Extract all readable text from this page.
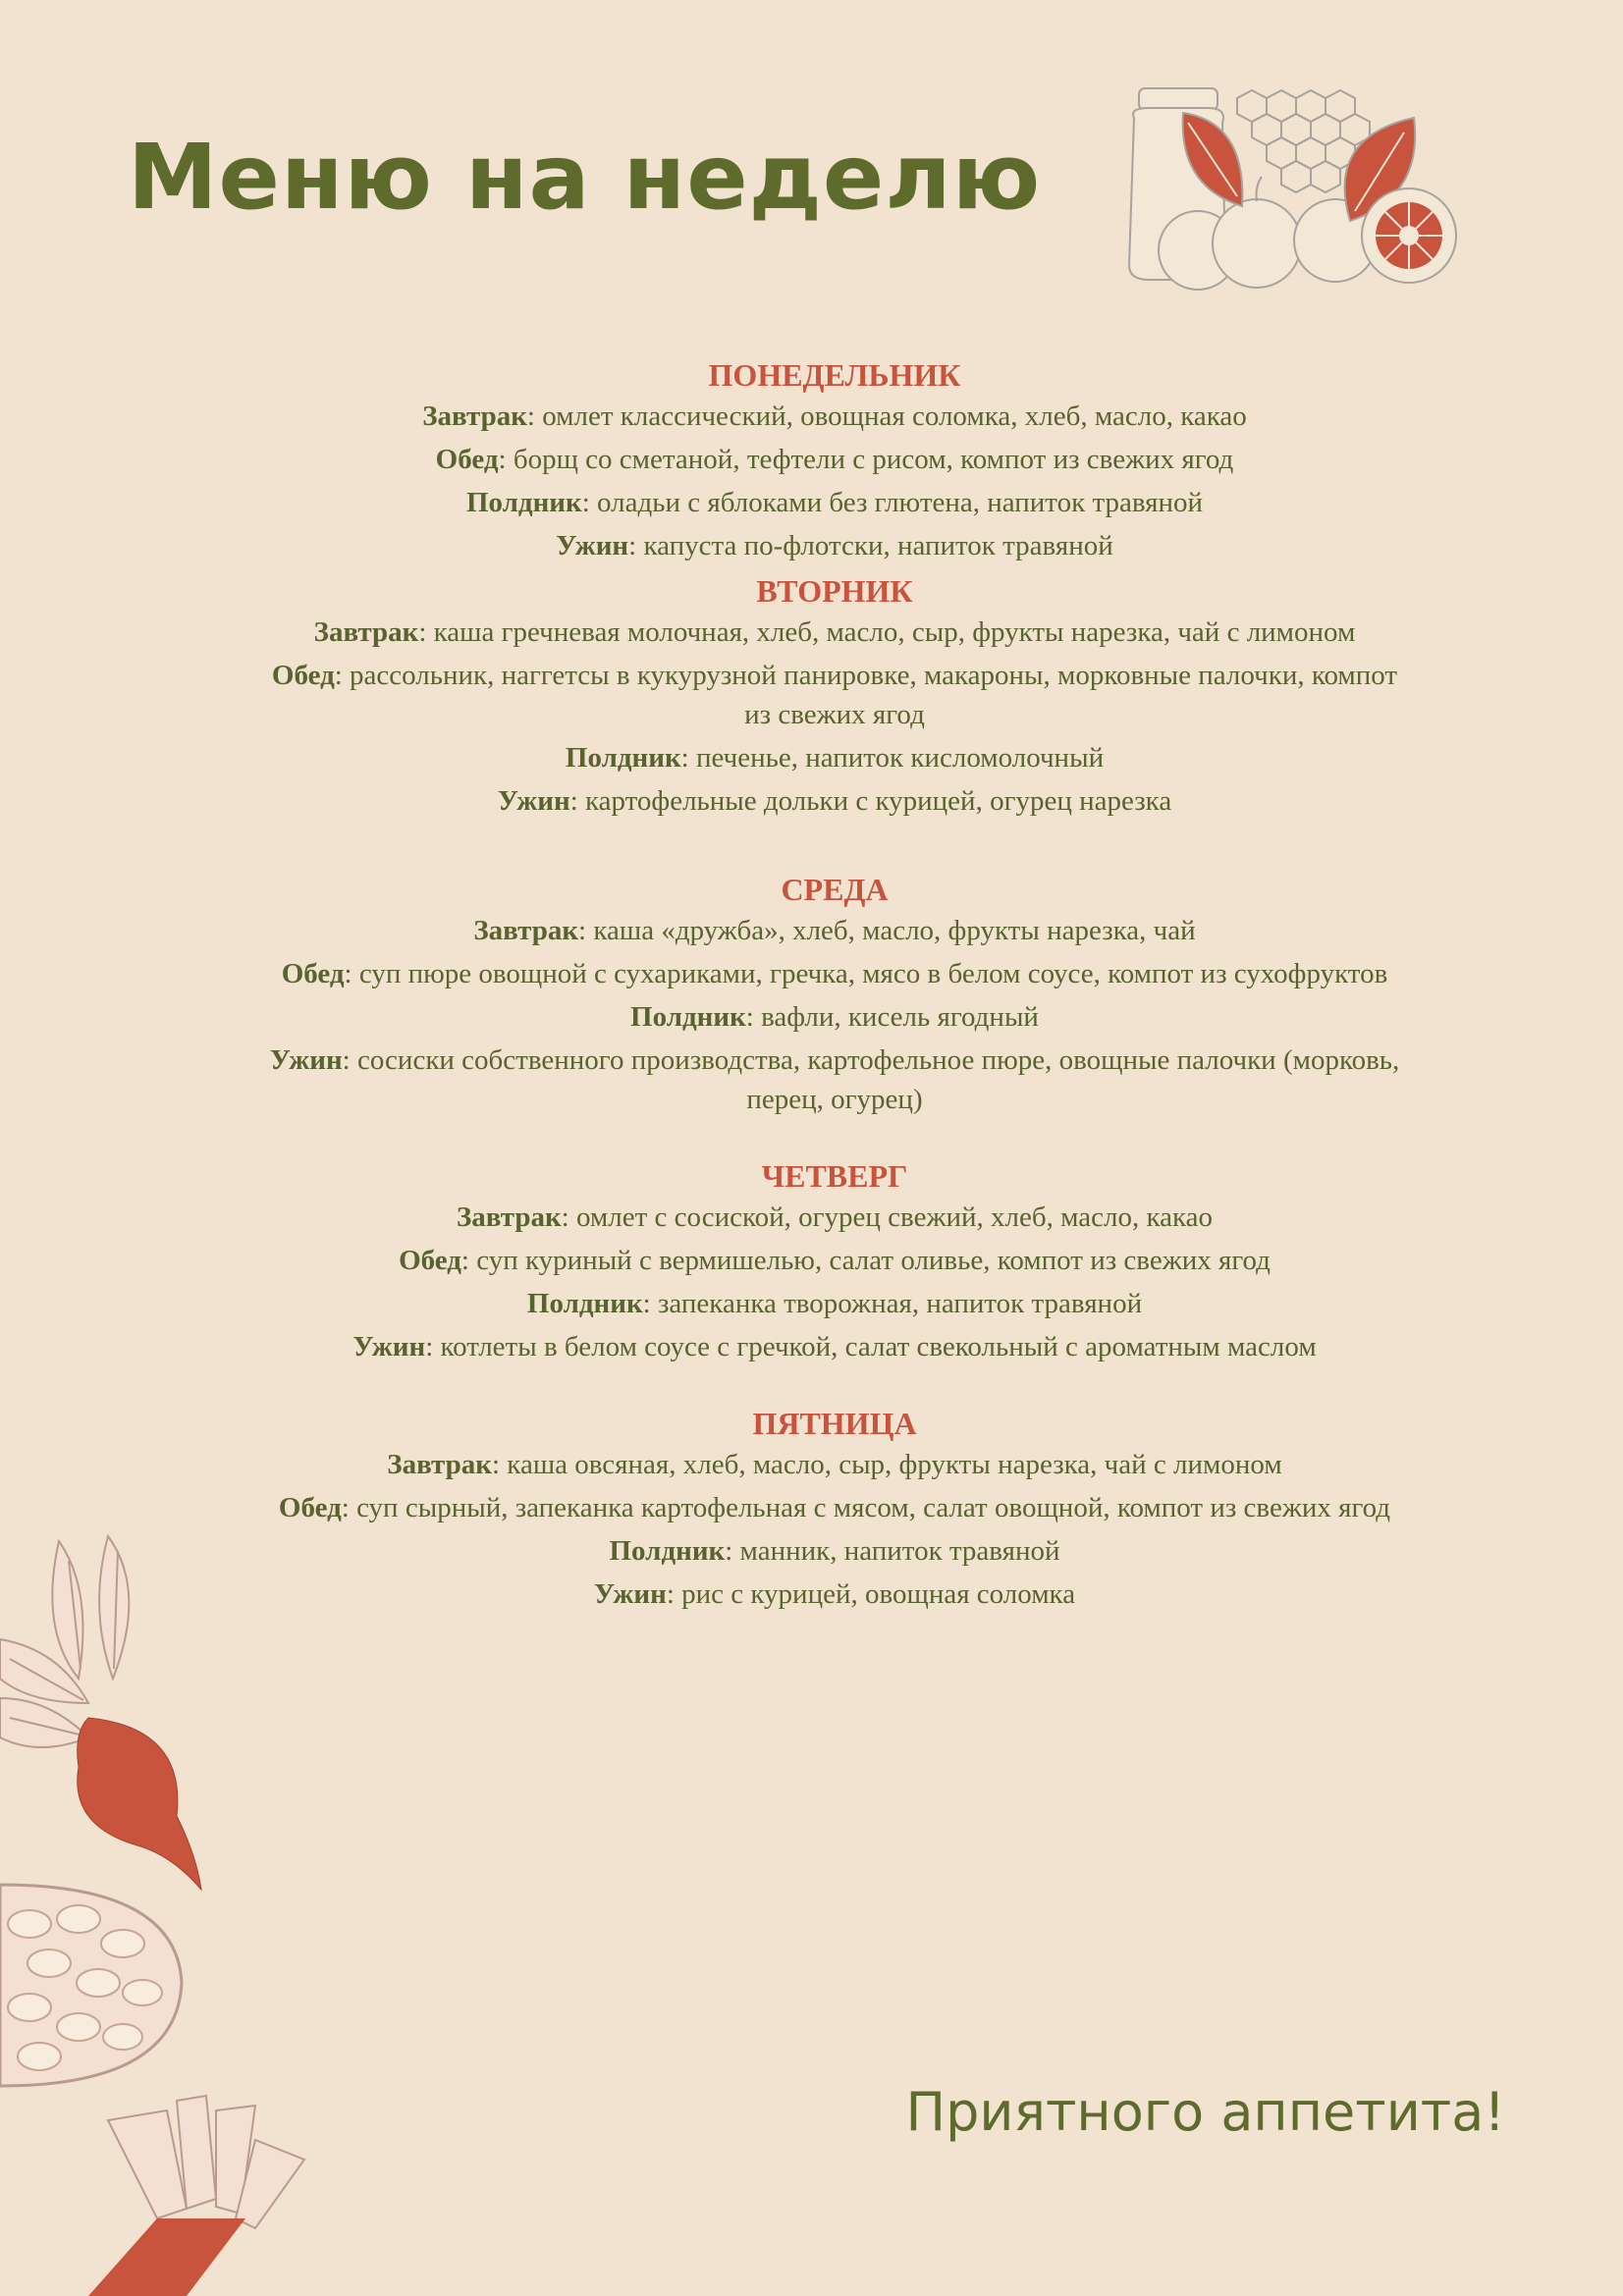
Меню на неделю

ПОНЕДЕЛЬНИК

Завтрак: омлет классический, овощная соломка, хлеб, масло, какао

Обед: борщ со сметаной, тефтели с рисом, компот из свежих ягод

Полдник: оладьи с яблоками без глютена, напиток травяной

Ужин: капуста по-флотски, напиток травяной

ВТОРНИК

Завтрак: каша гречневая молочная, хлеб, масло, сыр, фрукты нарезка, чай с лимоном

Обед: рассольник, наггетсы в кукурузной панировке, макароны, морковные палочки, компот из свежих ягод

Полдник: печенье, напиток кисломолочный

Ужин: картофельные дольки с курицей, огурец нарезка

СРЕДА

Завтрак: каша «дружба», хлеб, масло, фрукты нарезка, чай

Обед: суп пюре овощной с сухариками, гречка, мясо в белом соусе, компот из сухофруктов

Полдник: вафли, кисель ягодный

Ужин: сосиски собственного производства, картофельное пюре, овощные палочки (морковь, перец, огурец)

ЧЕТВЕРГ

Завтрак: омлет с сосиской, огурец свежий, хлеб, масло, какао

Обед: суп куриный с вермишелью, салат оливье, компот из свежих ягод

Полдник: запеканка творожная, напиток травяной

Ужин: котлеты в белом соусе с гречкой, салат свекольный с ароматным маслом

ПЯТНИЦА

Завтрак: каша овсяная, хлеб, масло, сыр, фрукты нарезка, чай с лимоном

Обед: суп сырный, запеканка картофельная с мясом, салат овощной, компот из свежих ягод

Полдник: манник, напиток травяной

Ужин: рис с курицей, овощная соломка

Приятного аппетита!
